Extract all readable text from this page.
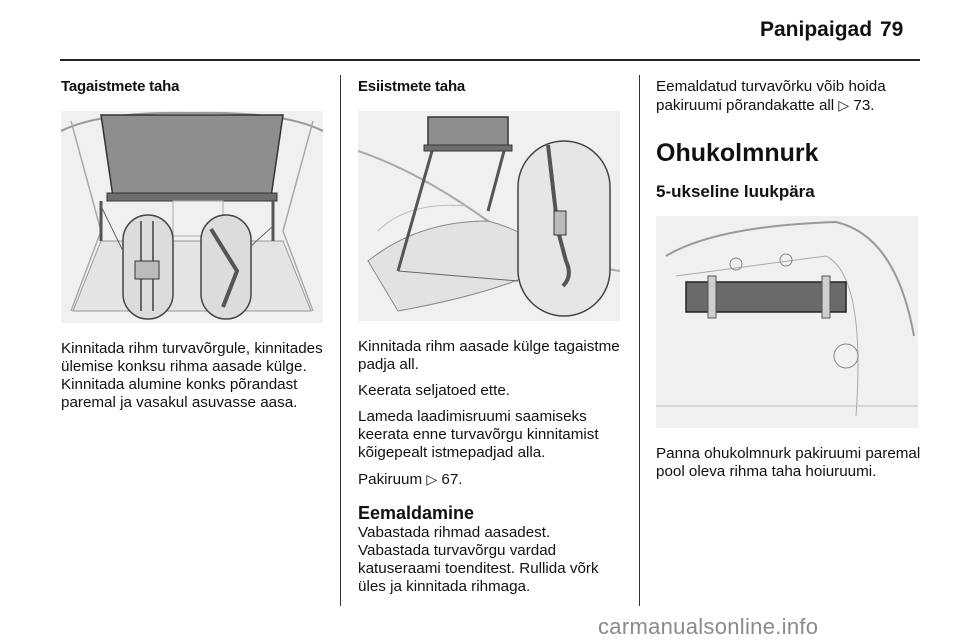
Panipaigad 79
Tagaistmete taha

Kinnitada rihm turvavõrgule, kinnitades ülemise konksu rihma aasade külge. Kinnitada alumine konks põrandast paremal ja vasakul asuvasse aasa.

Esiistmete taha

Kinnitada rihm aasade külge tagaistme padja all.

Keerata seljatoed ette.

Lameda laadimisruumi saamiseks keerata enne turvavõrgu kinnitamist kõigepealt istmepadjad alla.

Pakiruum ▷ 67.

Eemaldamine

Vabastada rihmad aasadest. Vabastada turvavõrgu vardad katuseraami toenditest. Rullida võrk üles ja kinnitada rihmaga.

Eemaldatud turvavõrku võib hoida pakiruumi põrandakatte all ▷ 73.

Ohukolmnurk
5-ukseline luukpära

Panna ohukolmnurk pakiruumi paremal pool oleva rihma taha hoiuruumi.

carmanualsonline.info
